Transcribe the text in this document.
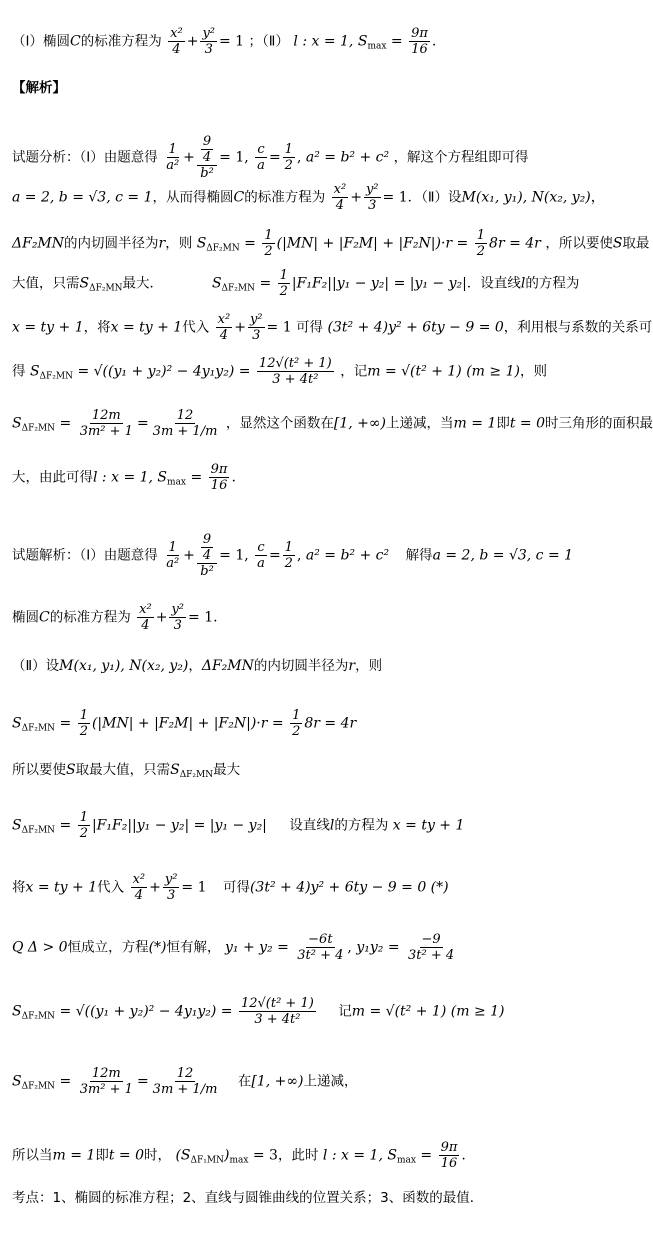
（Ⅰ）椭圆C的标准方程为 $\frac{\text{x²}}{4} + \frac{\text{y²}}{3} = 1$ ；（Ⅱ） l : x = 1, $S_{max} = \frac{9\pi}{16}$ .
【解析】
试题分析：（Ⅰ）由题意得 $\frac{1}{\text{a²}} + \frac{\frac{9}{4}}{\text{b²}} = 1$, $\frac{c}{a} = \frac{1}{2}$ , a² = b² + c² ，解这个方程组即可得
a = 2, b = √3, c = 1，从而得椭圆C的标准方程为 $\frac{\text{x²}}{4} + \frac{\text{y²}}{3} = 1$．（Ⅱ）设M(x₁, y₁), N(x₂, y₂)，
ΔF₂MN的内切圆半径为r，则 $S_{\Delta F_2MN} = \frac{1}{2} (|MN| + |F_2M| + |F_2N|)\cdot r = \frac{1}{2} 8r = 4r$ ，所以要使S取最
大值，只需$S_{\Delta F_2MN}$最大．	$S_{\Delta F_2MN} = \frac{1}{2} |F_1F_2||y_1 - y_2| = |y_1 - y_2|$．设直线l的方程为
x = ty + 1，将x = ty + 1代入 $\frac{\text{x²}}{4} + \frac{\text{y²}}{3} = 1$ 可得 (3t² + 4)y² + 6ty − 9 = 0，利用根与系数的关系可
得 $S_{\Delta F_2MN} = √((y_1 + y_2)^2 - 4y_1y_2) = \frac{\text{12√(t² + 1)}}{\text{3 + 4t²}}$ ，记m = √(t² + 1) (m ≥ 1)，则
$S_{\Delta F_2MN} = \frac{12m}{\text{3m² + 1}} = \frac{12}{3m + 1/m}$ ，显然这个函数在[1, +∞)上递减，当m = 1即t = 0时三角形的面积最
大，由此可得l : x = 1, $S_{max} = \frac{9\pi}{16}$ .
试题解析：（Ⅰ）由题意得 $\frac{1}{\text{a²}} + \frac{\frac{9}{4}}{\text{b²}} = 1$, $\frac{c}{a} = \frac{1}{2}$ , a² = b² + c² 解得a = 2, b = √3, c = 1
椭圆C的标准方程为 $\frac{\text{x²}}{4} + \frac{\text{y²}}{3} = 1$.
（Ⅱ）设M(x₁, y₁), N(x₂, y₂)，ΔF₂MN的内切圆半径为r，则
$S_{\Delta F_2MN} = \frac{1}{2} (|MN| + |F_2M| + |F_2N|)\cdot r = \frac{1}{2} 8r = 4r$
所以要使S取最大值，只需$S_{\Delta F_2MN}$最大
$S_{\Delta F_2MN} = \frac{1}{2} |F_1F_2||y_1 - y_2| = |y_1 - y_2|$ 设直线l的方程为 x = ty + 1
将x = ty + 1代入 $\frac{\text{x²}}{4} + \frac{\text{y²}}{3} = 1$ 可得(3t² + 4)y² + 6ty − 9 = 0 (*)
Q Δ > 0恒成立，方程(*)恒有解， $y_1 + y_2 = \frac{-6t}{\text{3t² + 4}}$ , $y_1y_2 = \frac{-9}{\text{3t² + 4}}$
$S_{\Delta F_2MN} = √((y_1 + y_2)^2 - 4y_1y_2) = \frac{\text{12√(t² + 1)}}{\text{3 + 4t²}}$ 记m = √(t² + 1) (m ≥ 1)
$S_{\Delta F_2MN} = \frac{12m}{\text{3m² + 1}} = \frac{12}{3m + 1/m}$ 在[1, +∞)上递减，
所以当m = 1即t = 0时， $(S_{\Delta F_1MN})_{max} = 3$，此时 l : x = 1, $S_{max} = \frac{9\pi}{16}$ .
考点：1、椭圆的标准方程；2、直线与圆锥曲线的位置关系；3、函数的最值．
